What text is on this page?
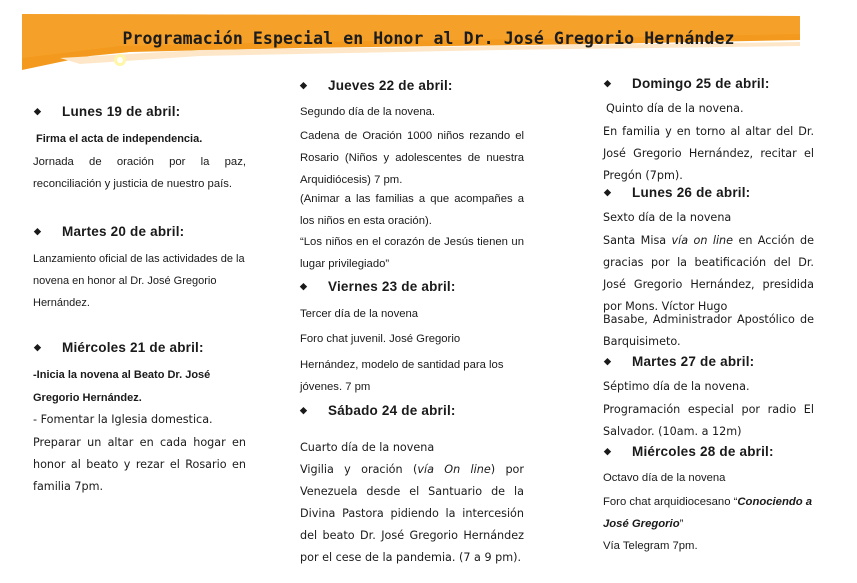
Programación Especial en Honor al Dr. José Gregorio Hernández
◆ Lunes 19 de abril:
Firma el acta de independencia.
Jornada de oración por la paz, reconciliación y justicia de nuestro país.
◆ Martes 20 de abril:
Lanzamiento oficial de las actividades de la novena en honor al Dr. José Gregorio Hernández.
◆ Miércoles 21 de abril:
-Inicia la novena al Beato Dr. José Gregorio Hernández.
- Fomentar la Iglesia domestica.
Preparar un altar en cada hogar en honor al beato y rezar el Rosario en familia 7pm.
◆ Jueves 22 de abril:
Segundo día de la novena.
Cadena de Oración 1000 niños rezando el Rosario (Niños y adolescentes de nuestra Arquidiócesis) 7 pm.
(Animar a las familias a que acompañes a los niños en esta oración).
“Los niños en el corazón de Jesús tienen un lugar privilegiado”
◆ Viernes 23 de abril:
Tercer día de la novena
Foro chat juvenil. José Gregorio
Hernández, modelo de santidad para los jóvenes. 7 pm
◆ Sábado 24 de abril:
Cuarto día de la novena
Vigilia y oración (vía On line) por Venezuela desde el Santuario de la Divina Pastora pidiendo la intercesión del beato Dr. José Gregorio Hernández por el cese de la pandemia. (7 a 9 pm).
◆ Domingo 25 de abril:
Quinto día de la novena.
En familia y en torno al altar del Dr. José Gregorio Hernández, recitar el Pregón (7pm).
◆ Lunes 26 de abril:
Sexto día de la novena
Santa Misa vía on line en Acción de gracias por la beatificación del Dr. José Gregorio Hernández, presidida por Mons. Víctor Hugo
Basabe, Administrador Apostólico de Barquisimeto.
◆ Martes 27 de abril:
Séptimo día de la novena.
Programación especial por radio El Salvador. (10am. a 12m)
◆ Miércoles 28 de abril:
Octavo día de la novena
Foro chat arquidiocesano “Conociendo a José Gregorio”
Vía Telegram 7pm.
